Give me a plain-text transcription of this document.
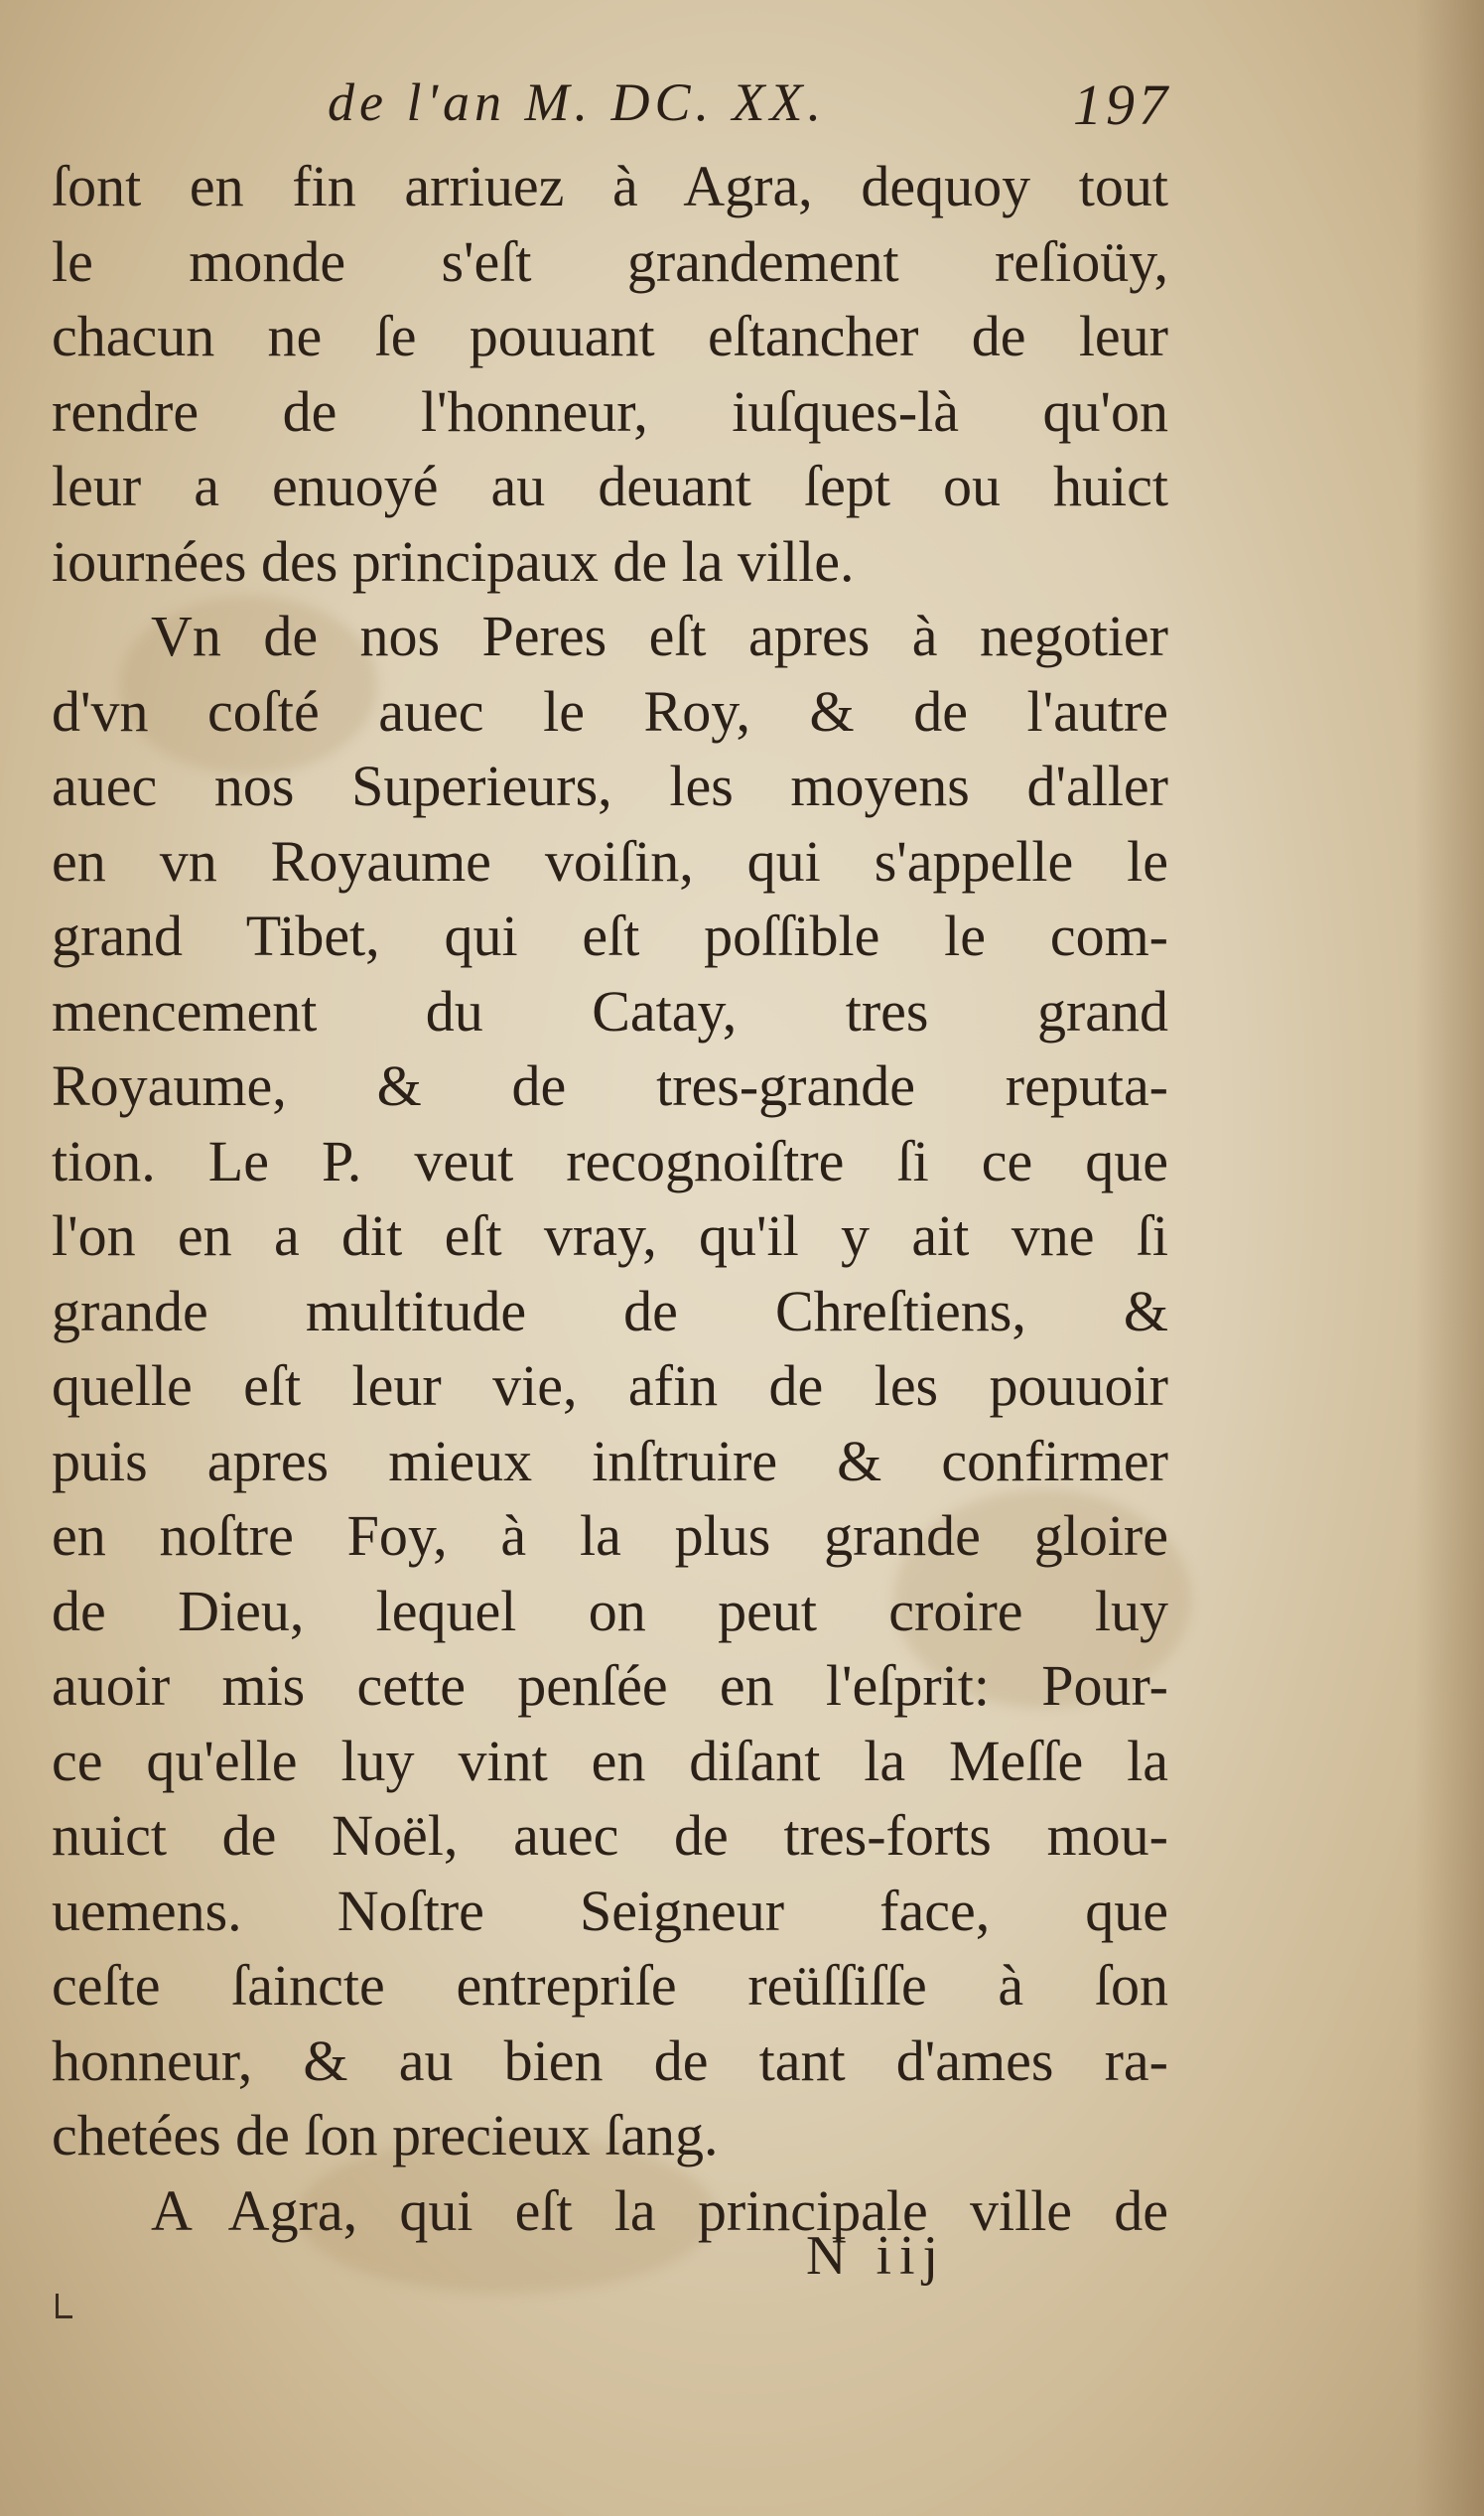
de l'an M. DC. XX.	197
ſont en fin arriuez à Agra, dequoy tout
le monde s'eſt grandement reſioüy,
chacun ne ſe pouuant eſtancher de leur
rendre de l'honneur, iuſques-là qu'on
leur a enuoyé au deuant ſept ou huict
iournées des principaux de la ville.
Vn de nos Peres eſt apres à negotier
d'vn coſté auec le Roy, & de l'autre
auec nos Superieurs, les moyens d'aller
en vn Royaume voiſin, qui s'appelle le
grand Tibet, qui eſt poſſible le com-
mencement du Catay, tres grand
Royaume, & de tres-grande reputa-
tion. Le P. veut recognoiſtre ſi ce que
l'on en a dit eſt vray, qu'il y ait vne ſi
grande multitude de Chreſtiens, &
quelle eſt leur vie, afin de les pouuoir
puis apres mieux inſtruire & confirmer
en noſtre Foy, à la plus grande gloire
de Dieu, lequel on peut croire luy
auoir mis cette penſée en l'eſprit: Pour-
ce qu'elle luy vint en diſant la Meſſe la
nuict de Noël, auec de tres-forts mou-
uemens. Noſtre Seigneur face, que
ceſte ſaincte entrepriſe reüſſiſſe à ſon
honneur, & au bien de tant d'ames ra-
chetées de ſon precieux ſang.
A Agra, qui eſt la principale ville de
N iij
